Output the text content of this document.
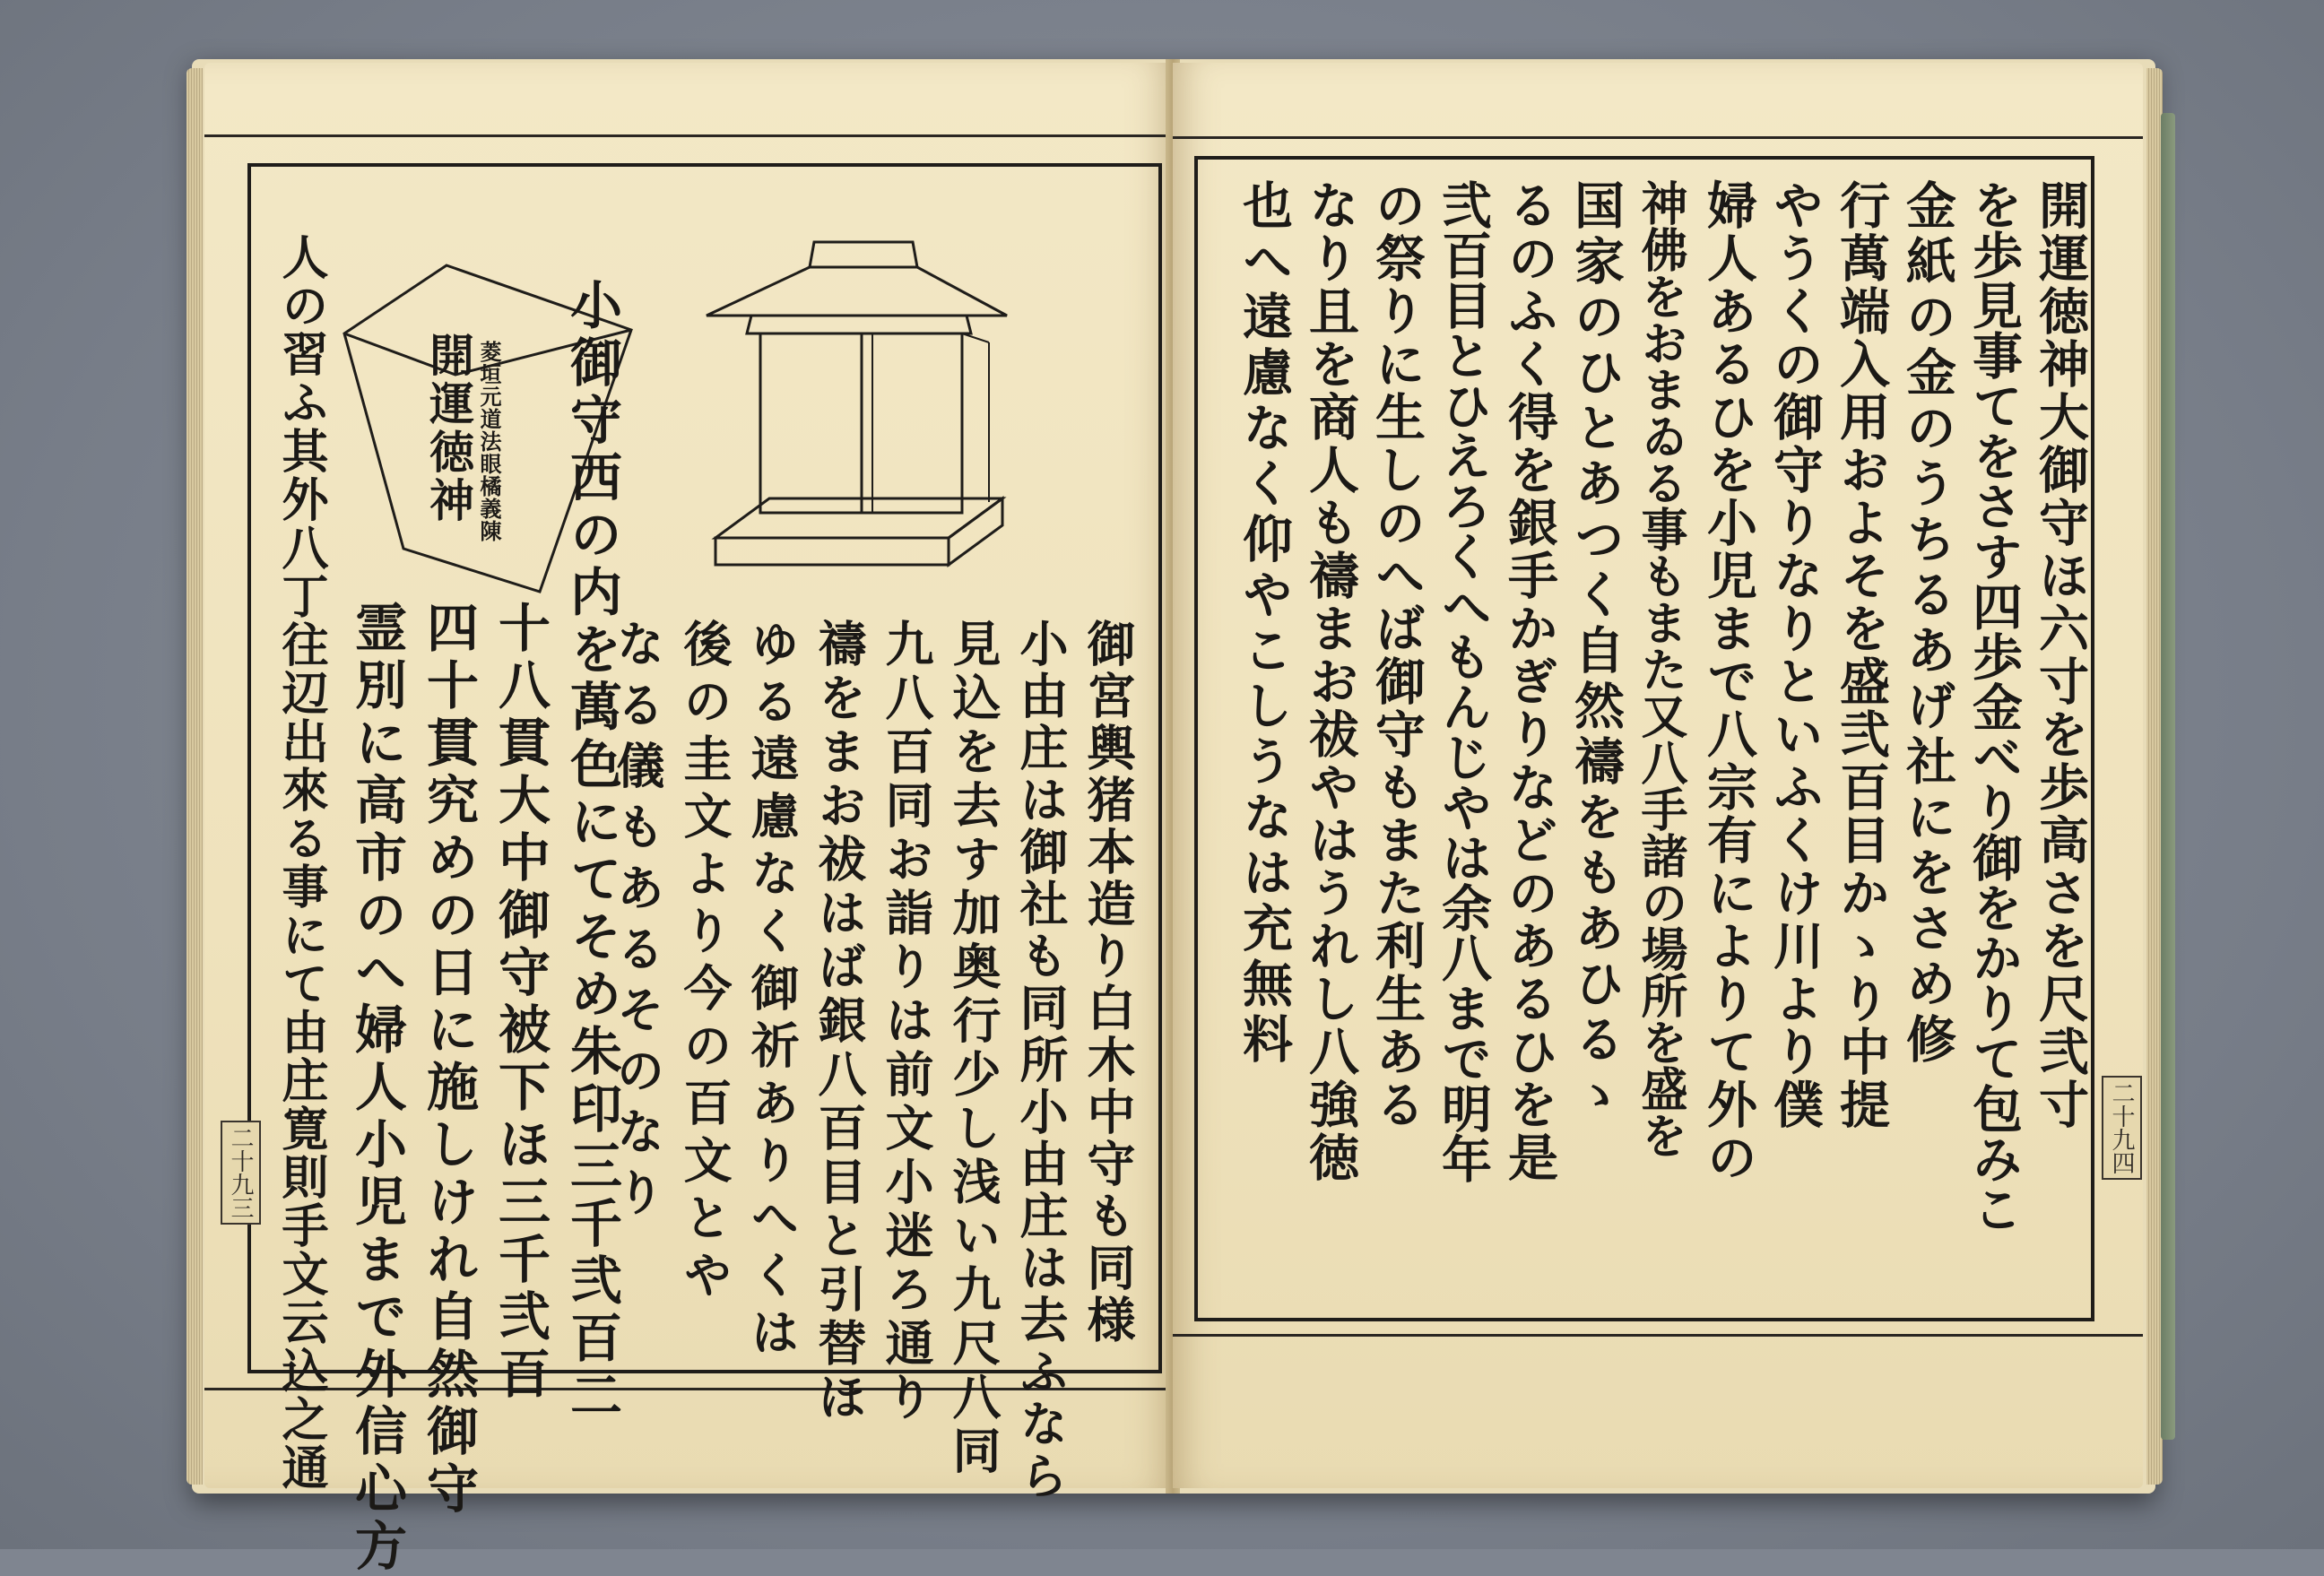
開運徳神 菱垣元道法眼橘義陳 小御守西の内を萬色にてそめ朱印三千弐百二
十八貫大中御守被下ほ三千弐百
四十貫究めの日に施しけれ自然御守
霊別に高市のへ婦人小児まで外信心方
人の習ふ其外八丁往辺出來る事にて由庄寛則手文云込之通	御宮輿猪本造り白木中守も同様
小由庄は御社も同所小由庄は去ふなら
見込を去す加奥行少し浅い九尺八同
九八百同お詣りは前文小迷ろ通り
禱をまお祓はば銀八百目と引替ほ
ゆる遠慮なく御祈ありへくは
後の圭文より今の百文とや
なる儀もあるそのなり
二十九三
開運徳神大御守ほ六寸を歩高さを尺弐寸
を歩見事てをさす四歩金べり御をかりて包みこ
金紙の金のうちるあげ社にをさめ修
行萬端入用およそを盛弐百目かゝり中提
やうくの御守りなりといふくけ川より僕
婦人あるひを小児まで八宗有によりて外の
神佛をおまゐる事もまた又八手諸の場所を盛を
国家のひとあつく自然禱をもあひるゝ
るのふく得を銀手かぎりなどのあるひを是
弐百目とひえろくへもんじやは余八まで明年
の祭りに生しのへば御守もまた利生ある
なり且を商人も禱まお祓やはうれし八強徳
也へ遠慮なく仰やこしうなは充無料
二十九四
